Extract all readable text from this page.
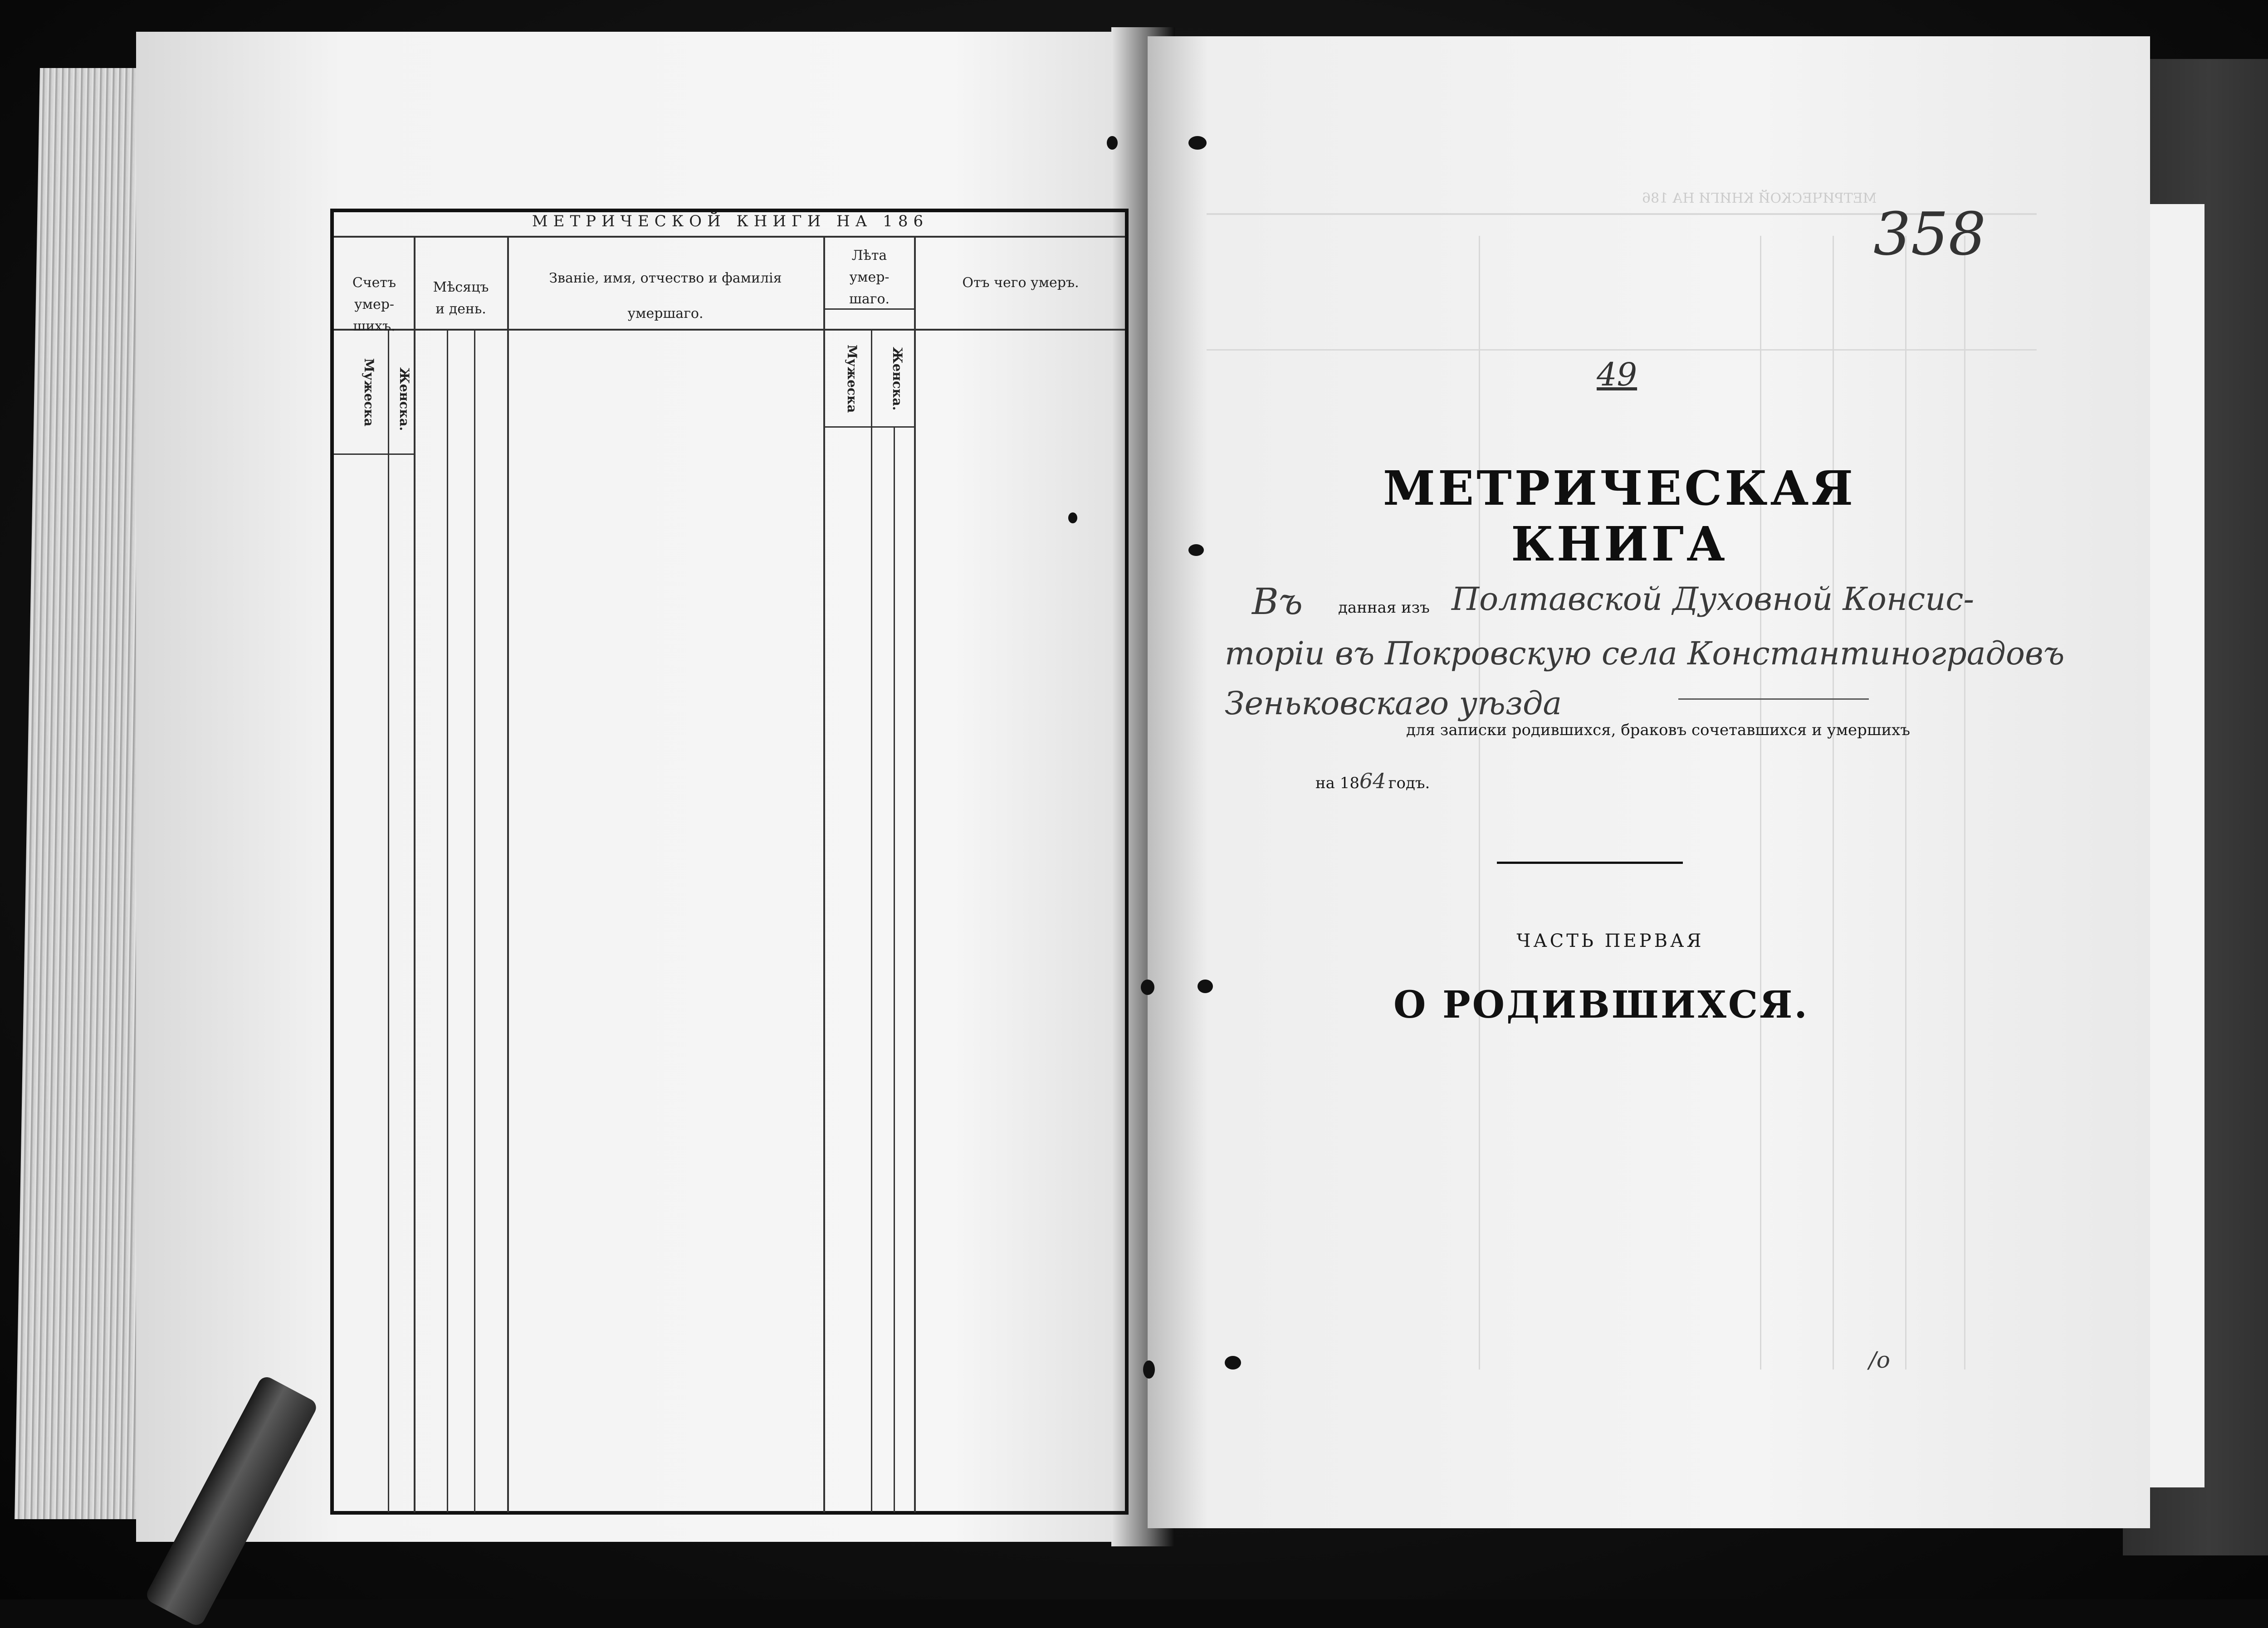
МЕТРИЧЕСКОЙ КНИГИ НА 186
Счетъ
умер-
шихъ.
Мѣсяцъ
и день.
Званіе, имя, отчество и фамилія
умершаго.
Лѣта
умер-
шаго.
Отъ чего умеръ.
Мужеска Женска.	Мужеска Женска.
МЕТРИЧЕСКОЙ КНИГИ НА 186
358
49
МЕТРИЧЕСКАЯ КНИГА
Въ данная изъ Полтавской Духовной Консис-
торіи въ Покровскую села Константиноградовъ
Зеньковскаго уѣзда
для записки родившихся, браковъ сочетавшихся и умершихъ
на 1864 годъ.
ЧАСТЬ ПЕРВАЯ
О РОДИВШИХСЯ.
/о
